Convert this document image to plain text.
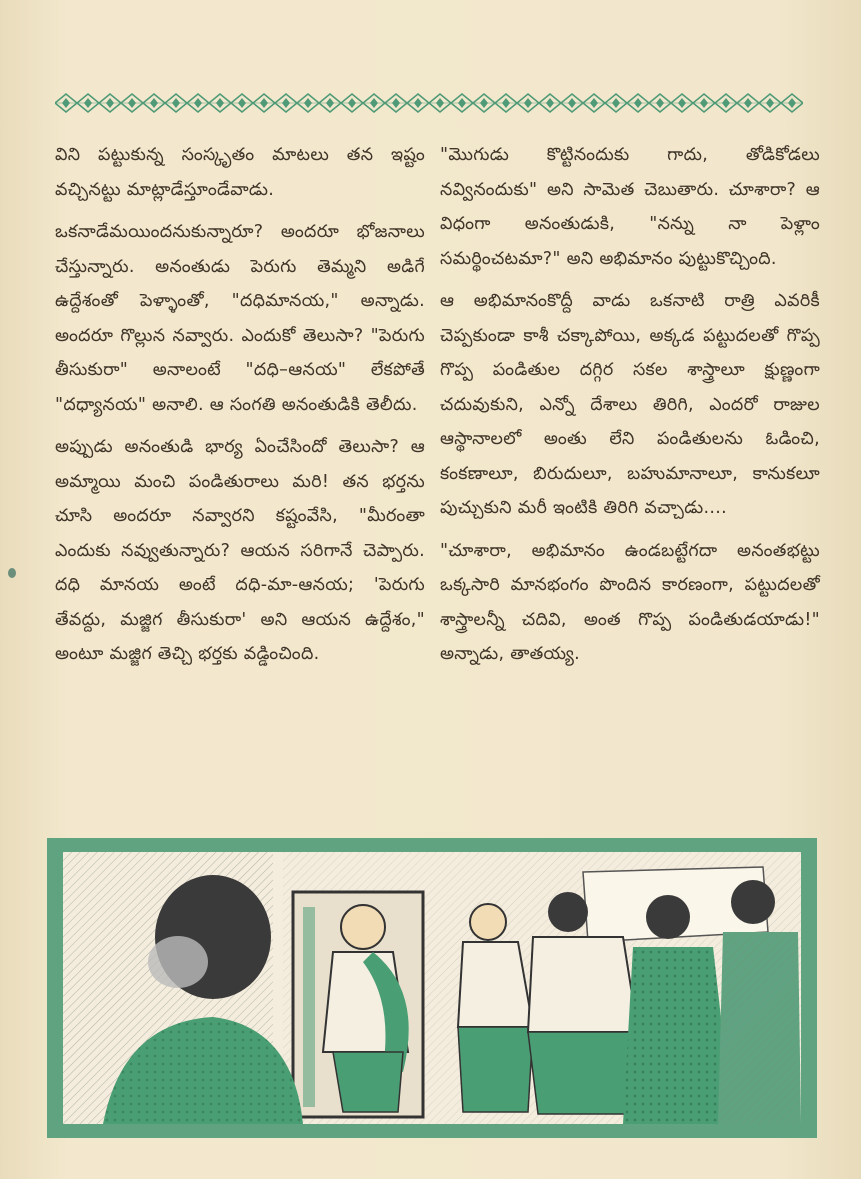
విని పట్టుకున్న సంస్కృతం మాటలు తన ఇష్టం వచ్చినట్టు మాట్లాడేస్తూండేవాడు.

ఒకనాడేమయిందనుకున్నారూ? అందరూ భోజనాలు చేస్తున్నారు. అనంతుడు పెరుగు తెమ్మని అడిగే ఉద్దేశంతో పెళ్ళాంతో, "దధిమానయ," అన్నాడు. అందరూ గొల్లున నవ్వారు. ఎందుకో తెలుసా? "పెరుగు తీసుకురా" అనాలంటే "దధి–ఆనయ" లేకపోతే "దధ్యానయ" అనాలి. ఆ సంగతి అనంతుడికి తెలీదు.

అప్పుడు అనంతుడి భార్య ఏంచేసిందో తెలుసా? ఆ అమ్మాయి మంచి పండితురాలు మరి! తన భర్తను చూసి అందరూ నవ్వారని కష్టంవేసి, "మీరంతా ఎందుకు నవ్వుతున్నారు? ఆయన సరిగానే చెప్పారు. దధి మానయ అంటే దధి-మా-ఆనయ; 'పెరుగు తేవద్దు, మజ్జిగ తీసుకురా' అని ఆయన ఉద్దేశం," అంటూ మజ్జిగ తెచ్చి భర్తకు వడ్డించింది.

"మొగుడు కొట్టినందుకు గాదు, తోడికోడలు నవ్వినందుకు" అని సామెత చెబుతారు. చూశారా? ఆ విధంగా అనంతుడుకి, "నన్ను నా పెళ్లాం సమర్థించటమా?" అని అభిమానం పుట్టుకొచ్చింది.

ఆ అభిమానంకొద్దీ వాడు ఒకనాటి రాత్రి ఎవరికీ చెప్పకుండా కాశీ చక్కాపోయి, అక్కడ పట్టుదలతో గొప్ప గొప్ప పండితుల దగ్గిర సకల శాస్త్రాలూ క్షుణ్ణంగా చదువుకుని, ఎన్నో దేశాలు తిరిగి, ఎందరో రాజుల ఆస్థానాలలో అంతు లేని పండితులను ఓడించి, కంకణాలూ, బిరుదులూ, బహుమానాలూ, కానుకలూ పుచ్చుకుని మరీ ఇంటికి తిరిగి వచ్చాడు....

"చూశారా, అభిమానం ఉండబట్టేగదా అనంతభట్టు ఒక్కసారి మానభంగం పొందిన కారణంగా, పట్టుదలతో శాస్త్రాలన్నీ చదివి, అంత గొప్ప పండితుడయాడు!" అన్నాడు, తాతయ్య.
